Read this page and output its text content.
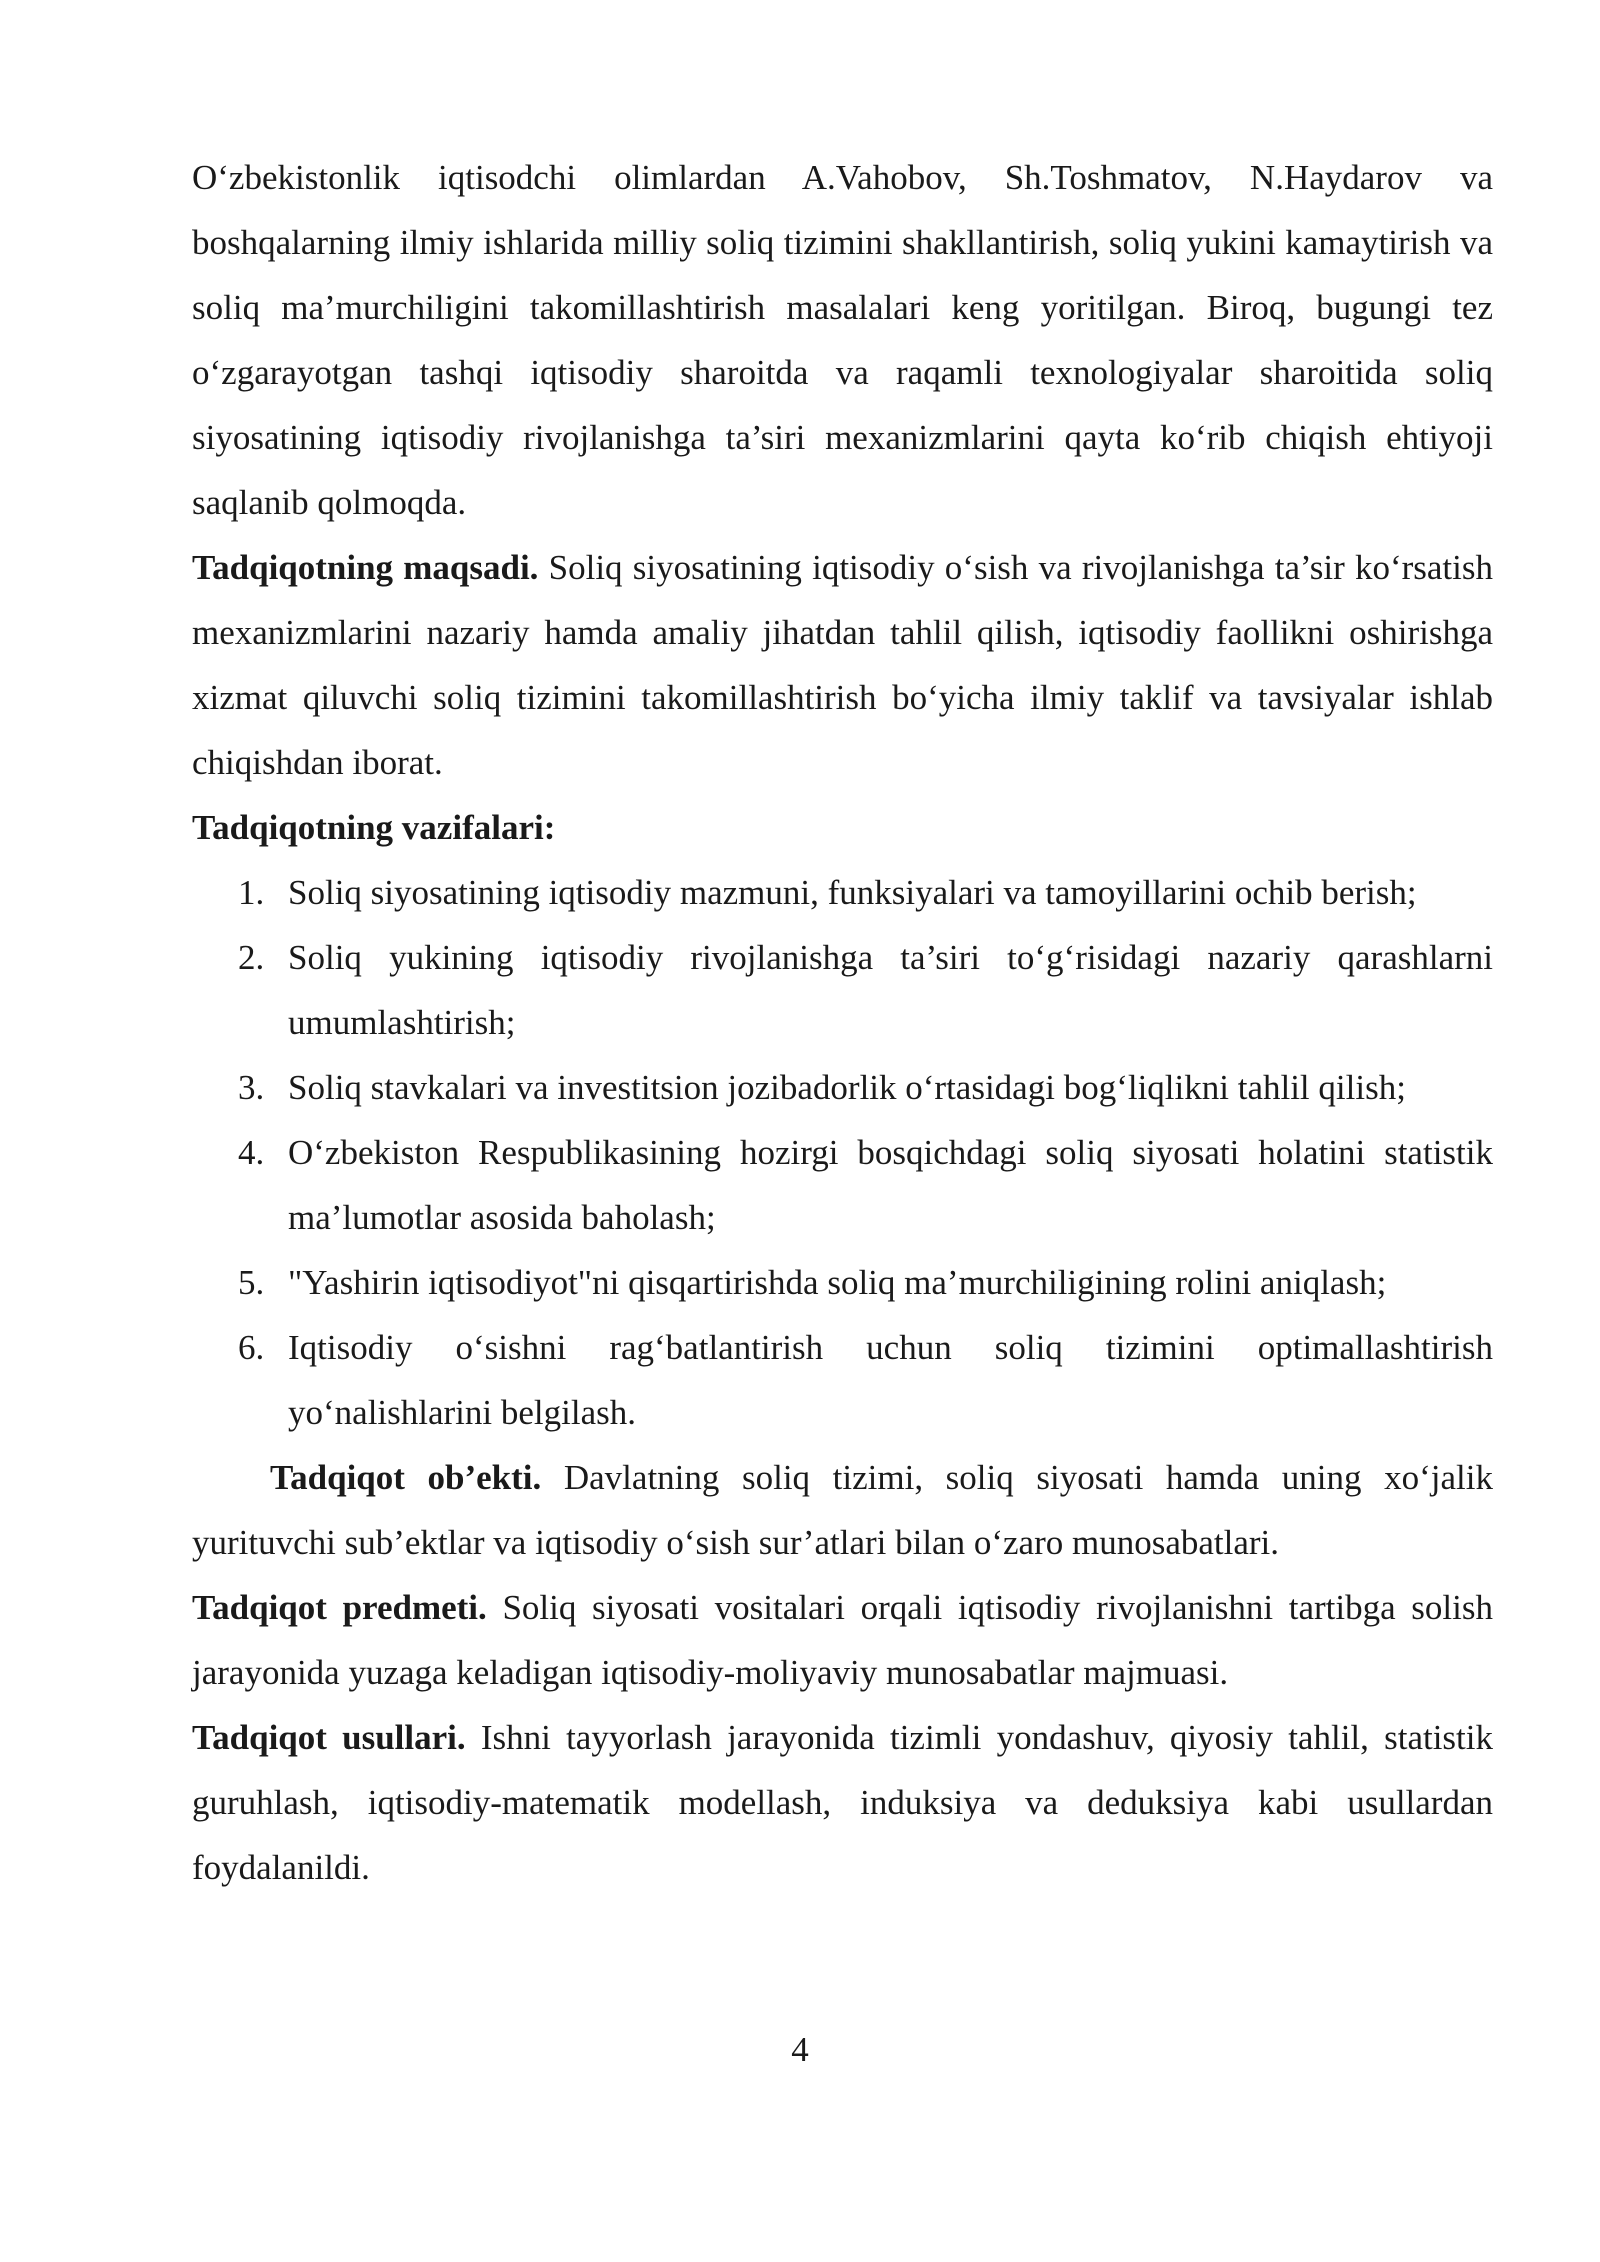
O‘zbekistonlik iqtisodchi olimlardan A.Vahobov, Sh.Toshmatov, N.Haydarov va boshqalarning ilmiy ishlarida milliy soliq tizimini shakllantirish, soliq yukini kamaytirish va soliq ma’murchiligini takomillashtirish masalalari keng yoritilgan. Biroq, bugungi tez o‘zgarayotgan tashqi iqtisodiy sharoitda va raqamli texnologiyalar sharoitida soliq siyosatining iqtisodiy rivojlanishga ta’siri mexanizmlarini qayta ko‘rib chiqish ehtiyoji saqlanib qolmoqda.

Tadqiqotning maqsadi. Soliq siyosatining iqtisodiy o‘sish va rivojlanishga ta’sir ko‘rsatish mexanizmlarini nazariy hamda amaliy jihatdan tahlil qilish, iqtisodiy faollikni oshirishga xizmat qiluvchi soliq tizimini takomillashtirish bo‘yicha ilmiy taklif va tavsiyalar ishlab chiqishdan iborat.

Tadqiqotning vazifalari:

1. Soliq siyosatining iqtisodiy mazmuni, funksiyalari va tamoyillarini ochib berish;
2. Soliq yukining iqtisodiy rivojlanishga ta’siri to‘g‘risidagi nazariy qarashlarni umumlashtirish;
3. Soliq stavkalari va investitsion jozibadorlik o‘rtasidagi bog‘liqlikni tahlil qilish;
4. O‘zbekiston Respublikasining hozirgi bosqichdagi soliq siyosati holatini statistik ma’lumotlar asosida baholash;
5. "Yashirin iqtisodiyot"ni qisqartirishda soliq ma’murchiligining rolini aniqlash;
6. Iqtisodiy o‘sishni rag‘batlantirish uchun soliq tizimini optimallashtirish yo‘nalishlarini belgilash.

Tadqiqot ob’ekti. Davlatning soliq tizimi, soliq siyosati hamda uning xo‘jalik yurituvchi sub’ektlar va iqtisodiy o‘sish sur’atlari bilan o‘zaro munosabatlari.

Tadqiqot predmeti. Soliq siyosati vositalari orqali iqtisodiy rivojlanishni tartibga solish jarayonida yuzaga keladigan iqtisodiy-moliyaviy munosabatlar majmuasi.

Tadqiqot usullari. Ishni tayyorlash jarayonida tizimli yondashuv, qiyosiy tahlil, statistik guruhlash, iqtisodiy-matematik modellash, induksiya va deduksiya kabi usullardan foydalanildi.

4
